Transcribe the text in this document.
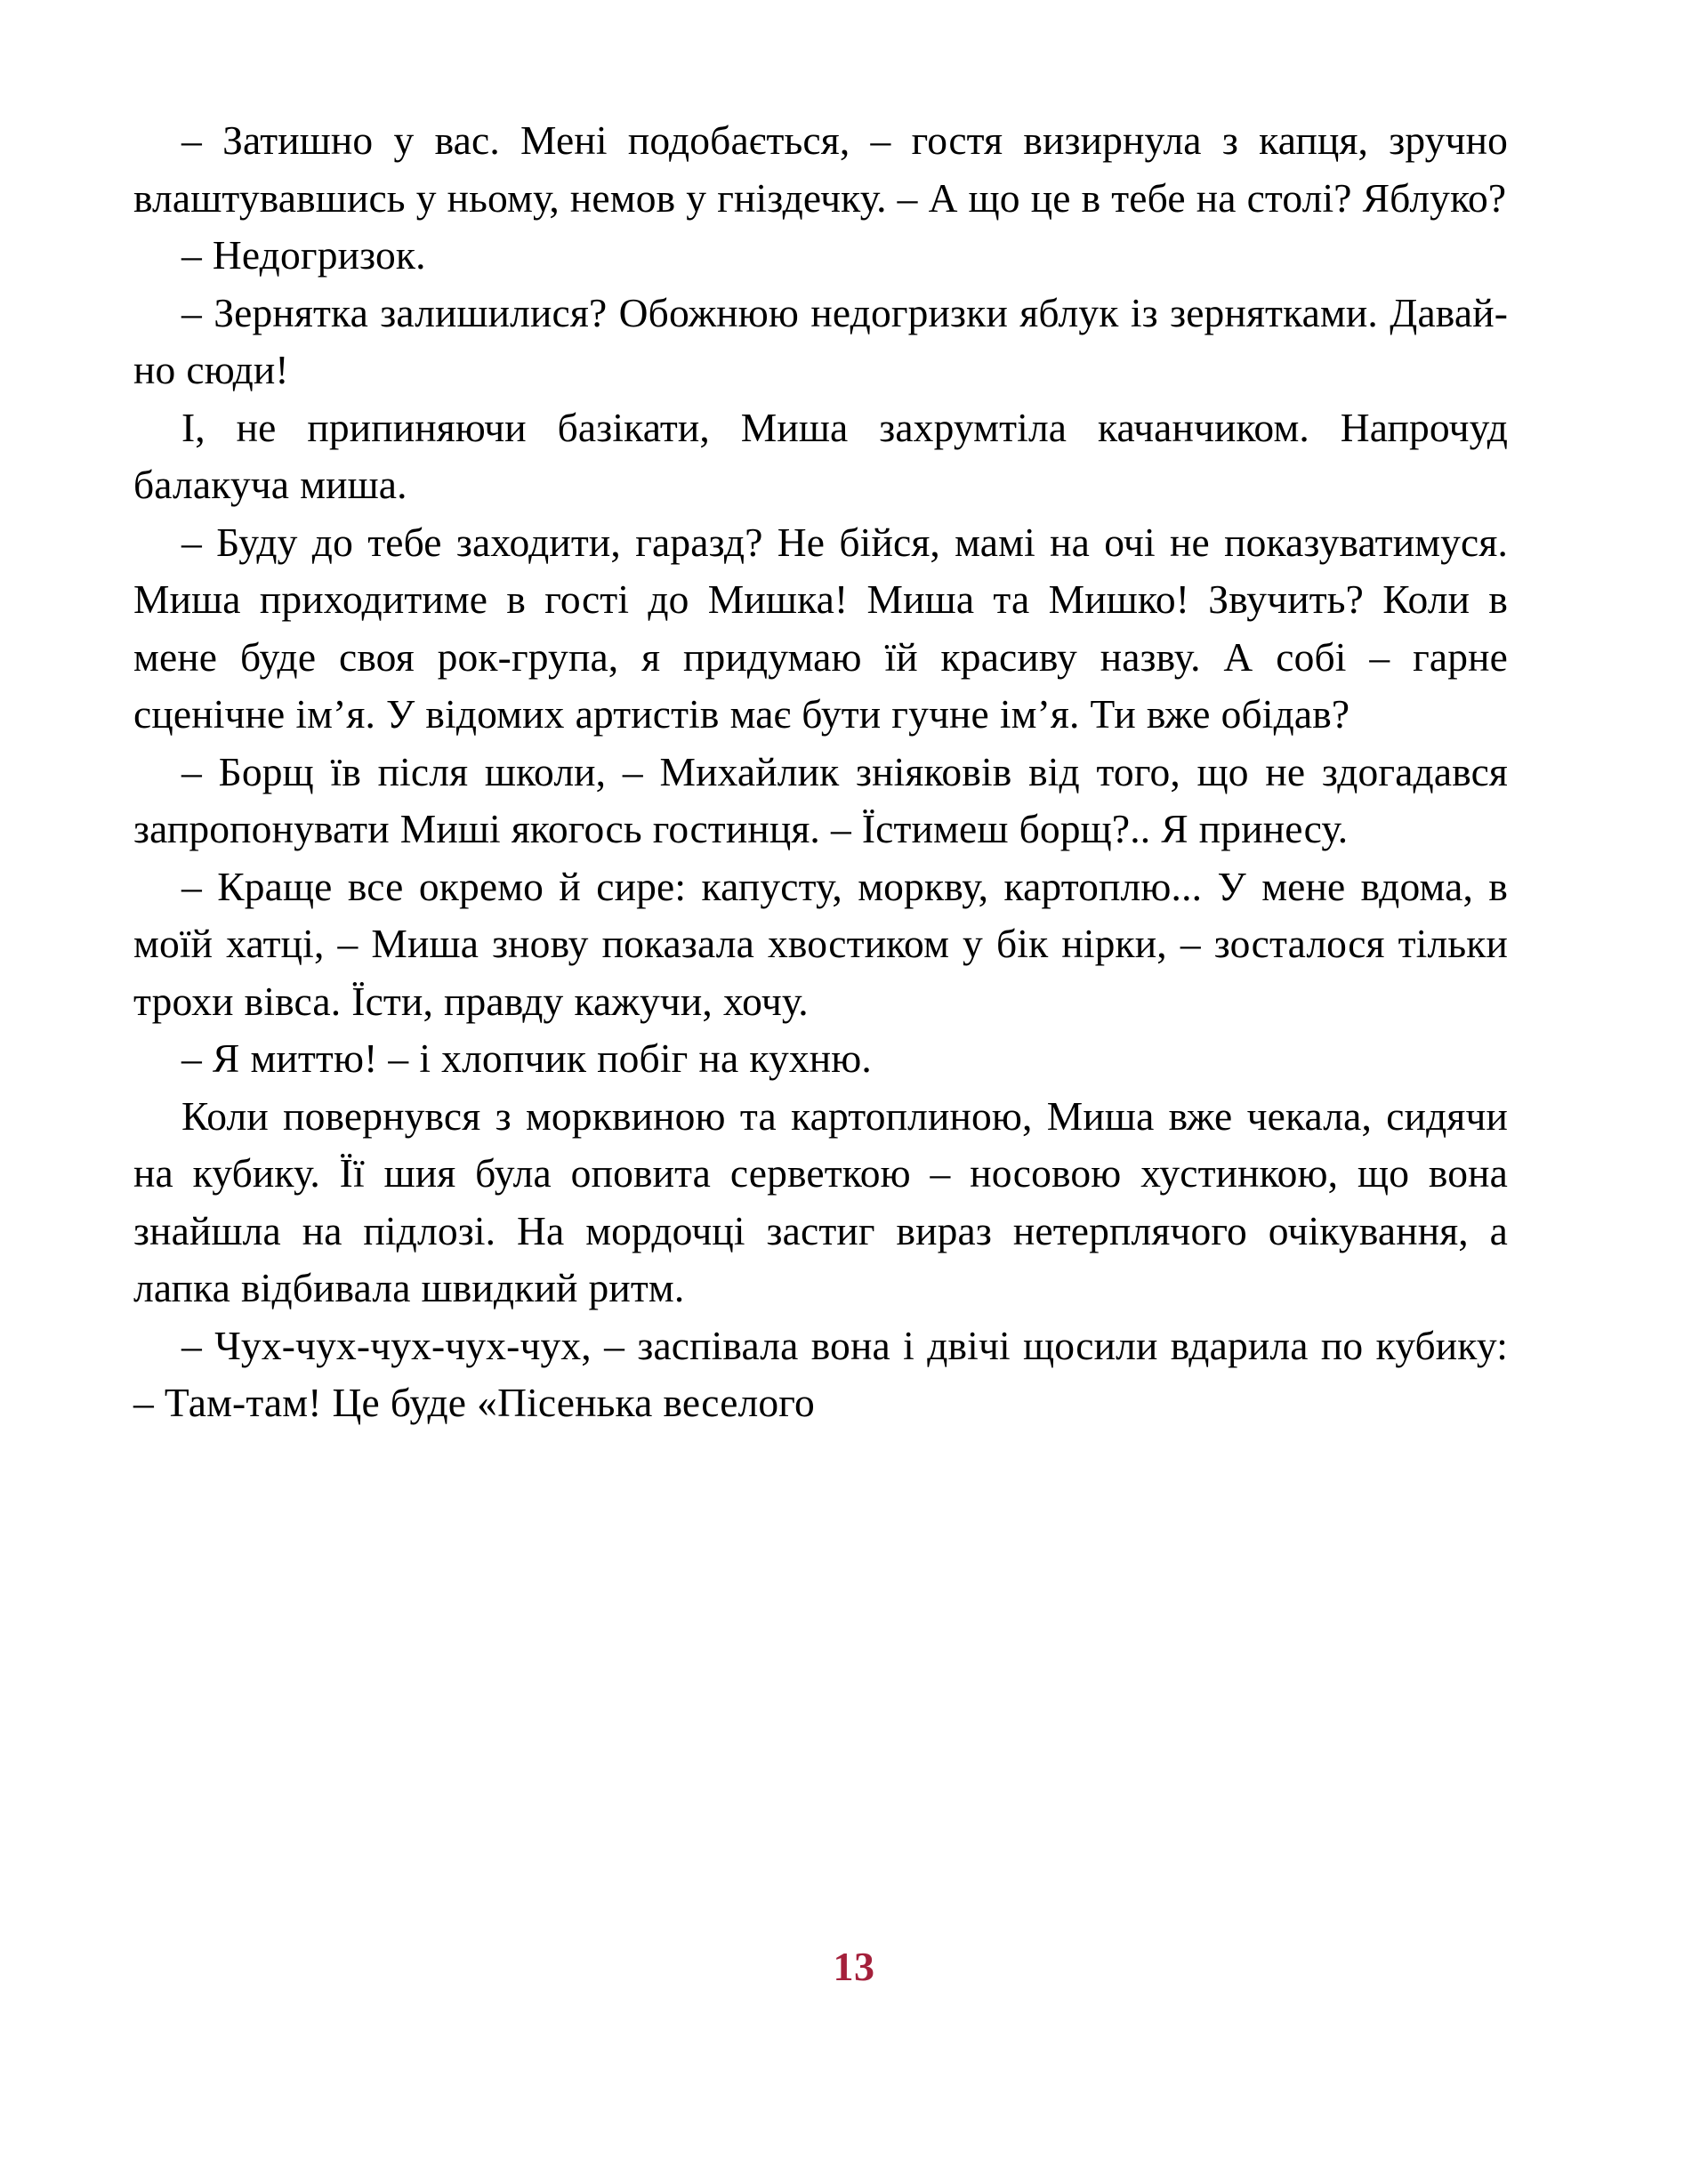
– Затишно у вас. Мені подобається, – гостя визирнула з капця, зручно влаштувавшись у ньому, немов у гніздечку. – А що це в тебе на столі? Яблуко?

– Недогризок.

– Зернятка залишилися? Обожнюю недогризки яблук із зернятками. Давай-но сюди!

І, не припиняючи базікати, Миша захрумтіла качанчиком. Напрочуд балакуча миша.

– Буду до тебе заходити, гаразд? Не бійся, мамі на очі не показуватимуся. Миша приходитиме в гості до Мишка! Миша та Мишко! Звучить? Коли в мене буде своя рок-група, я придумаю їй красиву назву. А собі – гарне сценічне ім’я. У відомих артистів має бути гучне ім’я. Ти вже обідав?

– Борщ їв після школи, – Михайлик зніяковів від того, що не здогадався запропонувати Миші якогось гостинця. – Їстимеш борщ?.. Я принесу.

– Краще все окремо й сире: капусту, моркву, картоплю... У мене вдома, в моїй хатці, – Миша знову показала хвостиком у бік нірки, – зосталося тільки трохи вівса. Їсти, правду кажучи, хочу.

– Я миттю! – і хлопчик побіг на кухню.

Коли повернувся з морквиною та картоплиною, Миша вже чекала, сидячи на кубику. Її шия була оповита серветкою – носовою хустинкою, що вона знайшла на підлозі. На мордочці застиг вираз нетерплячого очікування, а лапка відбивала швидкий ритм.

– Чух-чух-чух-чух-чух, – заспівала вона і двічі щосили вдарила по кубику: – Там-там! Це буде «Пісенька веселого

13
